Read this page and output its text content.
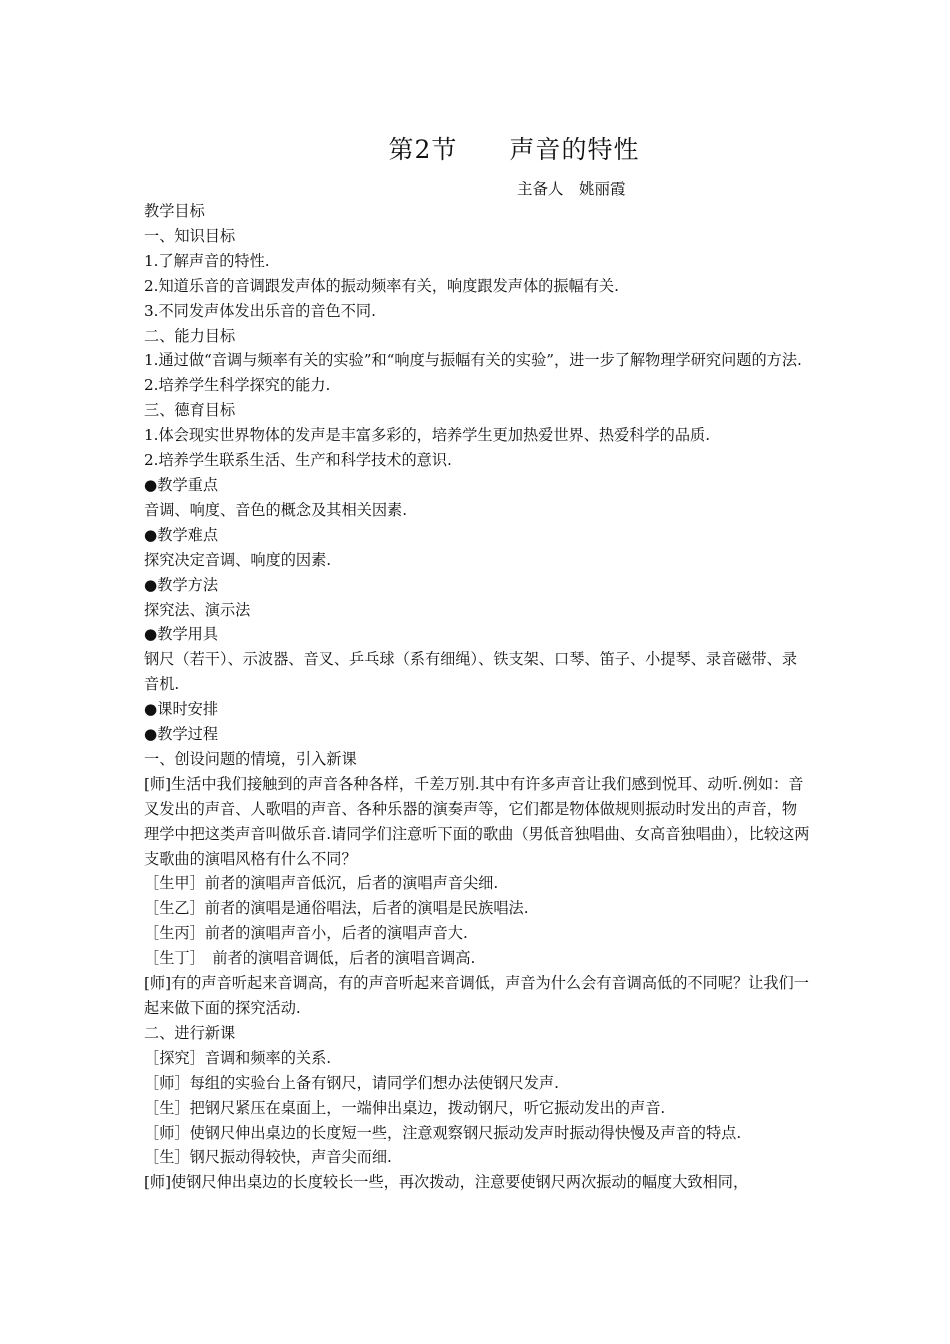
第2节　　声音的特性
主备人　姚丽霞

教学目标

一、知识目标

1.了解声音的特性.

2.知道乐音的音调跟发声体的振动频率有关，响度跟发声体的振幅有关.

3.不同发声体发出乐音的音色不同.

二、能力目标

1.通过做“音调与频率有关的实验”和“响度与振幅有关的实验”，进一步了解物理学研究问题的方法.

2.培养学生科学探究的能力.

三、德育目标

1.体会现实世界物体的发声是丰富多彩的，培养学生更加热爱世界、热爱科学的品质.

2.培养学生联系生活、生产和科学技术的意识.

●教学重点

音调、响度、音色的概念及其相关因素.

●教学难点

探究决定音调、响度的因素.

●教学方法

探究法、演示法

●教学用具

钢尺（若干）、示波器、音叉、乒乓球（系有细绳）、铁支架、口琴、笛子、小提琴、录音磁带、录音机.

●课时安排

●教学过程

一、创设问题的情境，引入新课

[师]生活中我们接触到的声音各种各样，千差万别.其中有许多声音让我们感到悦耳、动听.例如：音叉发出的声音、人歌唱的声音、各种乐器的演奏声等，它们都是物体做规则振动时发出的声音，物理学中把这类声音叫做乐音.请同学们注意听下面的歌曲（男低音独唱曲、女高音独唱曲），比较这两支歌曲的演唱风格有什么不同？

［生甲］前者的演唱声音低沉，后者的演唱声音尖细.

［生乙］前者的演唱是通俗唱法，后者的演唱是民族唱法.

［生丙］前者的演唱声音小，后者的演唱声音大.

［生丁］　前者的演唱音调低，后者的演唱音调高.

[师]有的声音听起来音调高，有的声音听起来音调低，声音为什么会有音调高低的不同呢？让我们一起来做下面的探究活动.

二、进行新课

［探究］音调和频率的关系.

［师］每组的实验台上备有钢尺，请同学们想办法使钢尺发声.

［生］把钢尺紧压在桌面上，一端伸出桌边，拨动钢尺，听它振动发出的声音.

［师］使钢尺伸出桌边的长度短一些，注意观察钢尺振动发声时振动得快慢及声音的特点.

［生］钢尺振动得较快，声音尖而细.

[师]使钢尺伸出桌边的长度较长一些，再次拨动，注意要使钢尺两次振动的幅度大致相同，
